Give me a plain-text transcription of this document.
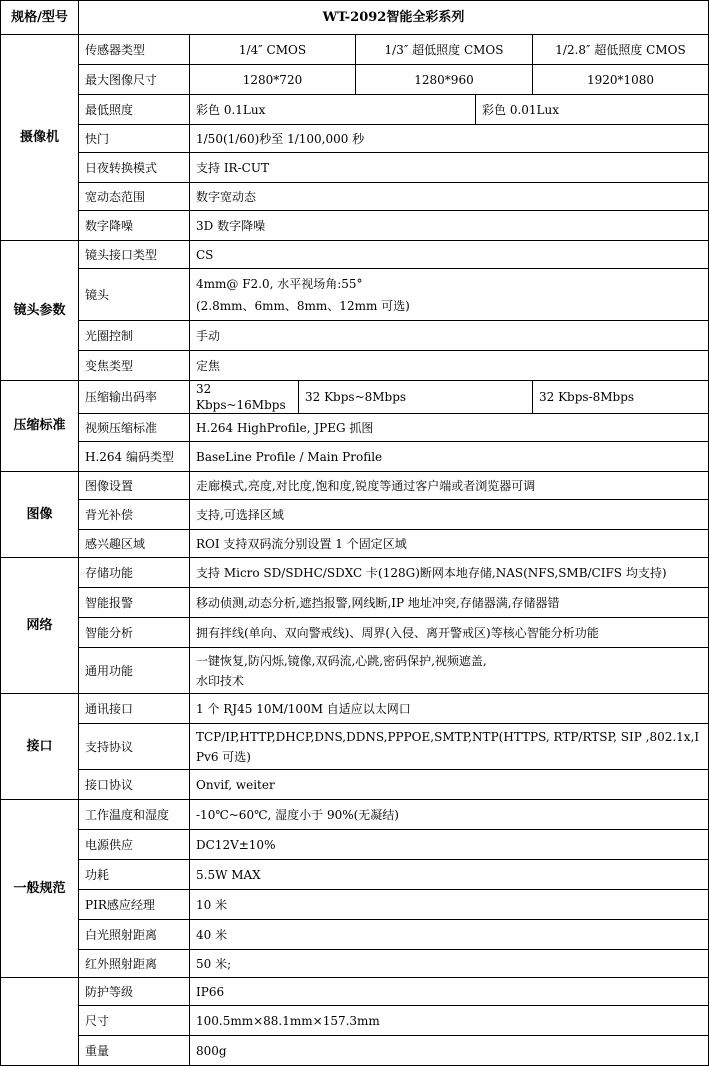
规格/型号	WT-2092智能全彩系列					
摄像机	传感器类型	1/4″ CMOS		1/3″ 超低照度 CMOS		1/2.8″ 超低照度 CMOS
	最大图像尺寸	1280*720		1280*960		1920*1080
	最低照度	彩色 0.1Lux			彩色 0.01Lux	
	快门	1/50(1/60)秒至 1/100,000 秒				
	日夜转换模式	支持 IR-CUT				
	宽动态范围	数字宽动态				
	数字降噪	3D 数字降噪				
镜头参数	镜头接口类型	CS				
	镜头	4mm@ F2.0, 水平视场角:55°
(2.8mm、6mm、8mm、12mm 可选)				

	光圈控制	手动				
	变焦类型	定焦				
压缩标准	压缩输出码率	32 Kbps~16Mbps	32 Kbps~8Mbps			32 Kbps-8Mbps
	视频压缩标准	H.264 HighProfile, JPEG 抓图				
	H.264 编码类型	BaseLine Profile / Main Profile				
图像	图像设置	走廊模式,亮度,对比度,饱和度,锐度等通过客户端或者浏览器可调				
	背光补偿	支持,可选择区域				
	感兴趣区域	ROI 支持双码流分别设置 1 个固定区域				
网络	存储功能	支持 Micro SD/SDHC/SDXC 卡(128G)断网本地存储,NAS(NFS,SMB/CIFS 均支持)				
	智能报警	移动侦测,动态分析,遮挡报警,网线断,IP 地址冲突,存储器满,存储器错				
	智能分析	拥有拌线(单向、双向警戒线)、周界(入侵、离开警戒区)等核心智能分析功能				
	通用功能	一键恢复,防闪烁,镜像,双码流,心跳,密码保护,视频遮盖,
水印技术				

接口	通讯接口	1 个 RJ45 10M/100M 自适应以太网口				
	支持协议	TCP/IP,HTTP,DHCP,DNS,DDNS,PPPOE,SMTP,NTP(HTTPS, RTP/RTSP, SIP ,802.1x,IPv6 可选)				
	接口协议	Onvif, weiter				
一般规范	工作温度和湿度	-10℃~60℃, 湿度小于 90%(无凝结)				
	电源供应	DC12V±10%				
	功耗	5.5W MAX				
	PIR感应经理	10 米				
	白光照射距离	40 米				
	红外照射距离	50 米;				
	防护等级	IP66				
	尺寸	100.5mm×88.1mm×157.3mm				
	重量	800g				
